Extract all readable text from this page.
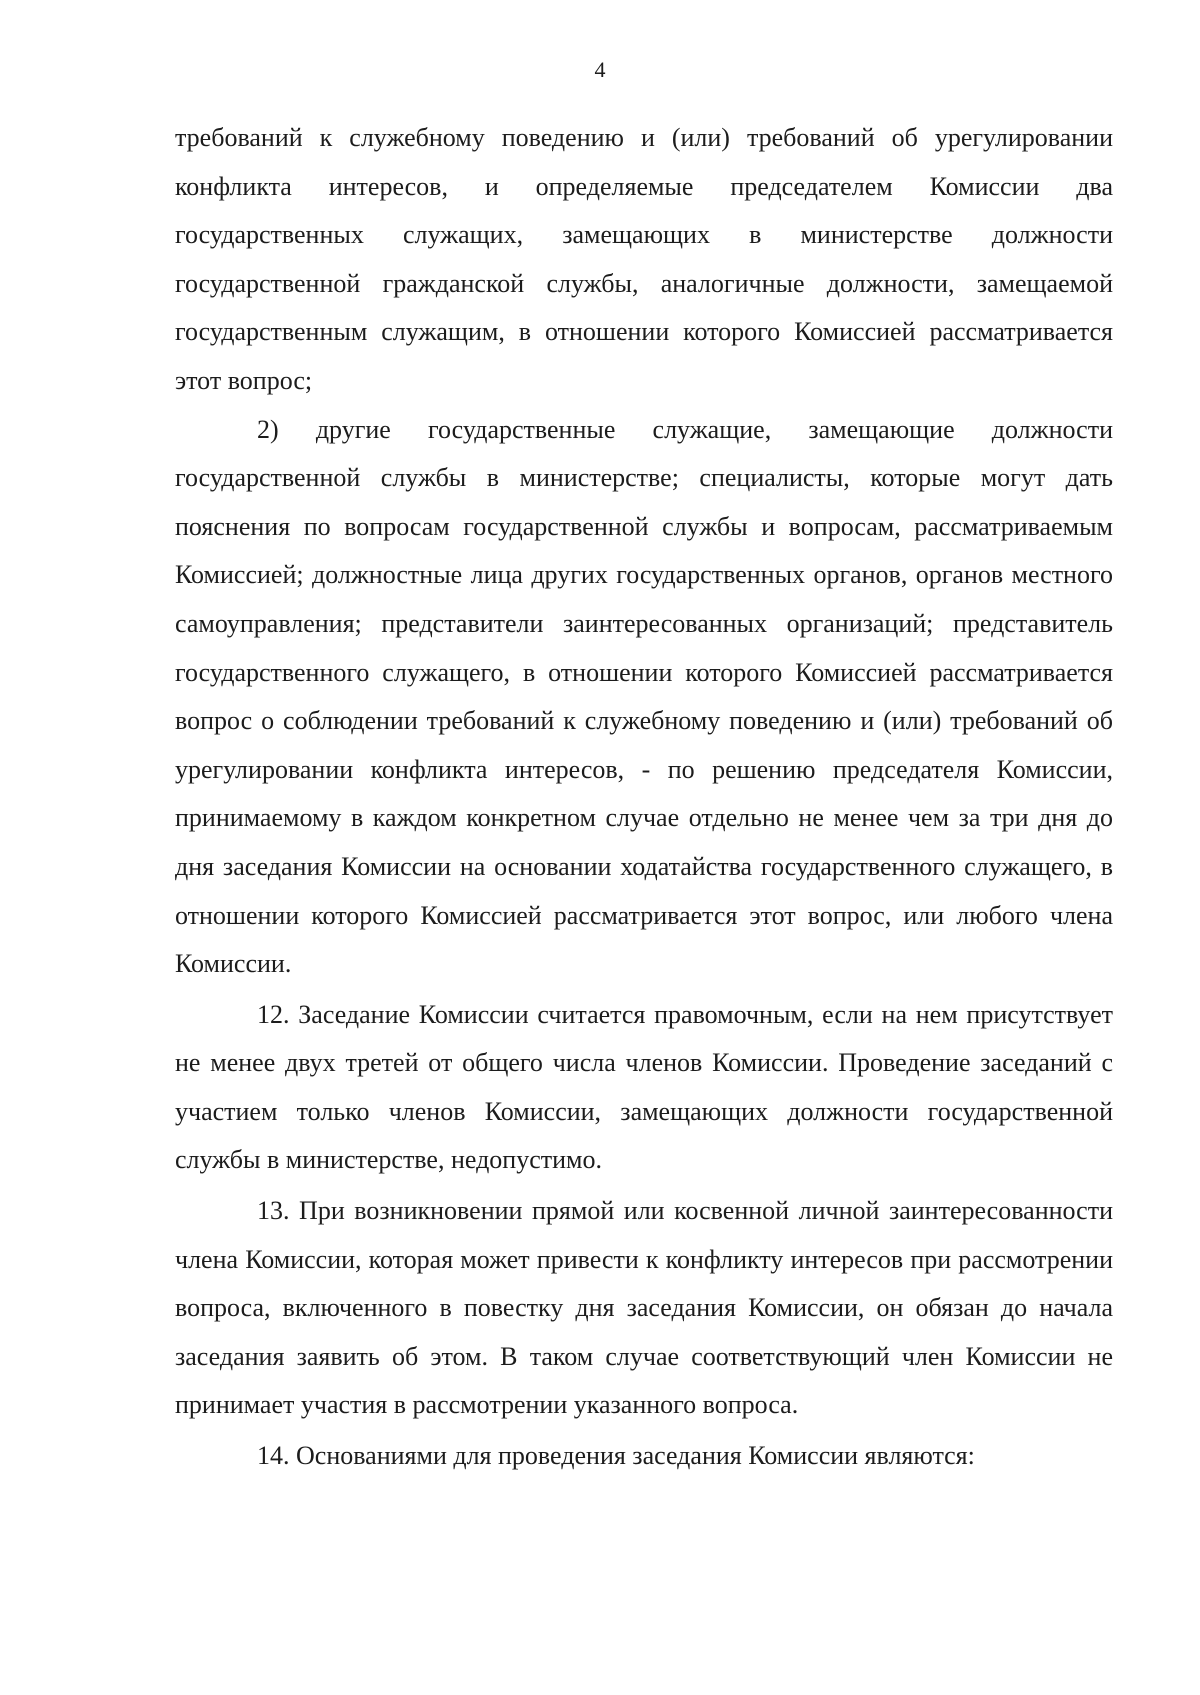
4

требований к служебному поведению и (или) требований об урегулировании конфликта интересов, и определяемые председателем Комиссии два государственных служащих, замещающих в министерстве должности государственной гражданской службы, аналогичные должности, замещаемой государственным служащим, в отношении которого Комиссией рассматривается этот вопрос;

2) другие государственные служащие, замещающие должности государственной службы в министерстве; специалисты, которые могут дать пояснения по вопросам государственной службы и вопросам, рассматриваемым Комиссией; должностные лица других государственных органов, органов местного самоуправления; представители заинтересованных организаций; представитель государственного служащего, в отношении которого Комиссией рассматривается вопрос о соблюдении требований к служебному поведению и (или) требований об урегулировании конфликта интересов, - по решению председателя Комиссии, принимаемому в каждом конкретном случае отдельно не менее чем за три дня до дня заседания Комиссии на основании ходатайства государственного служащего, в отношении которого Комиссией рассматривается этот вопрос, или любого члена Комиссии.

12. Заседание Комиссии считается правомочным, если на нем присутствует не менее двух третей от общего числа членов Комиссии. Проведение заседаний с участием только членов Комиссии, замещающих должности государственной службы в министерстве, недопустимо.

13. При возникновении прямой или косвенной личной заинтересованности члена Комиссии, которая может привести к конфликту интересов при рассмотрении вопроса, включенного в повестку дня заседания Комиссии, он обязан до начала заседания заявить об этом. В таком случае соответствующий член Комиссии не принимает участия в рассмотрении указанного вопроса.

14. Основаниями для проведения заседания Комиссии являются:
